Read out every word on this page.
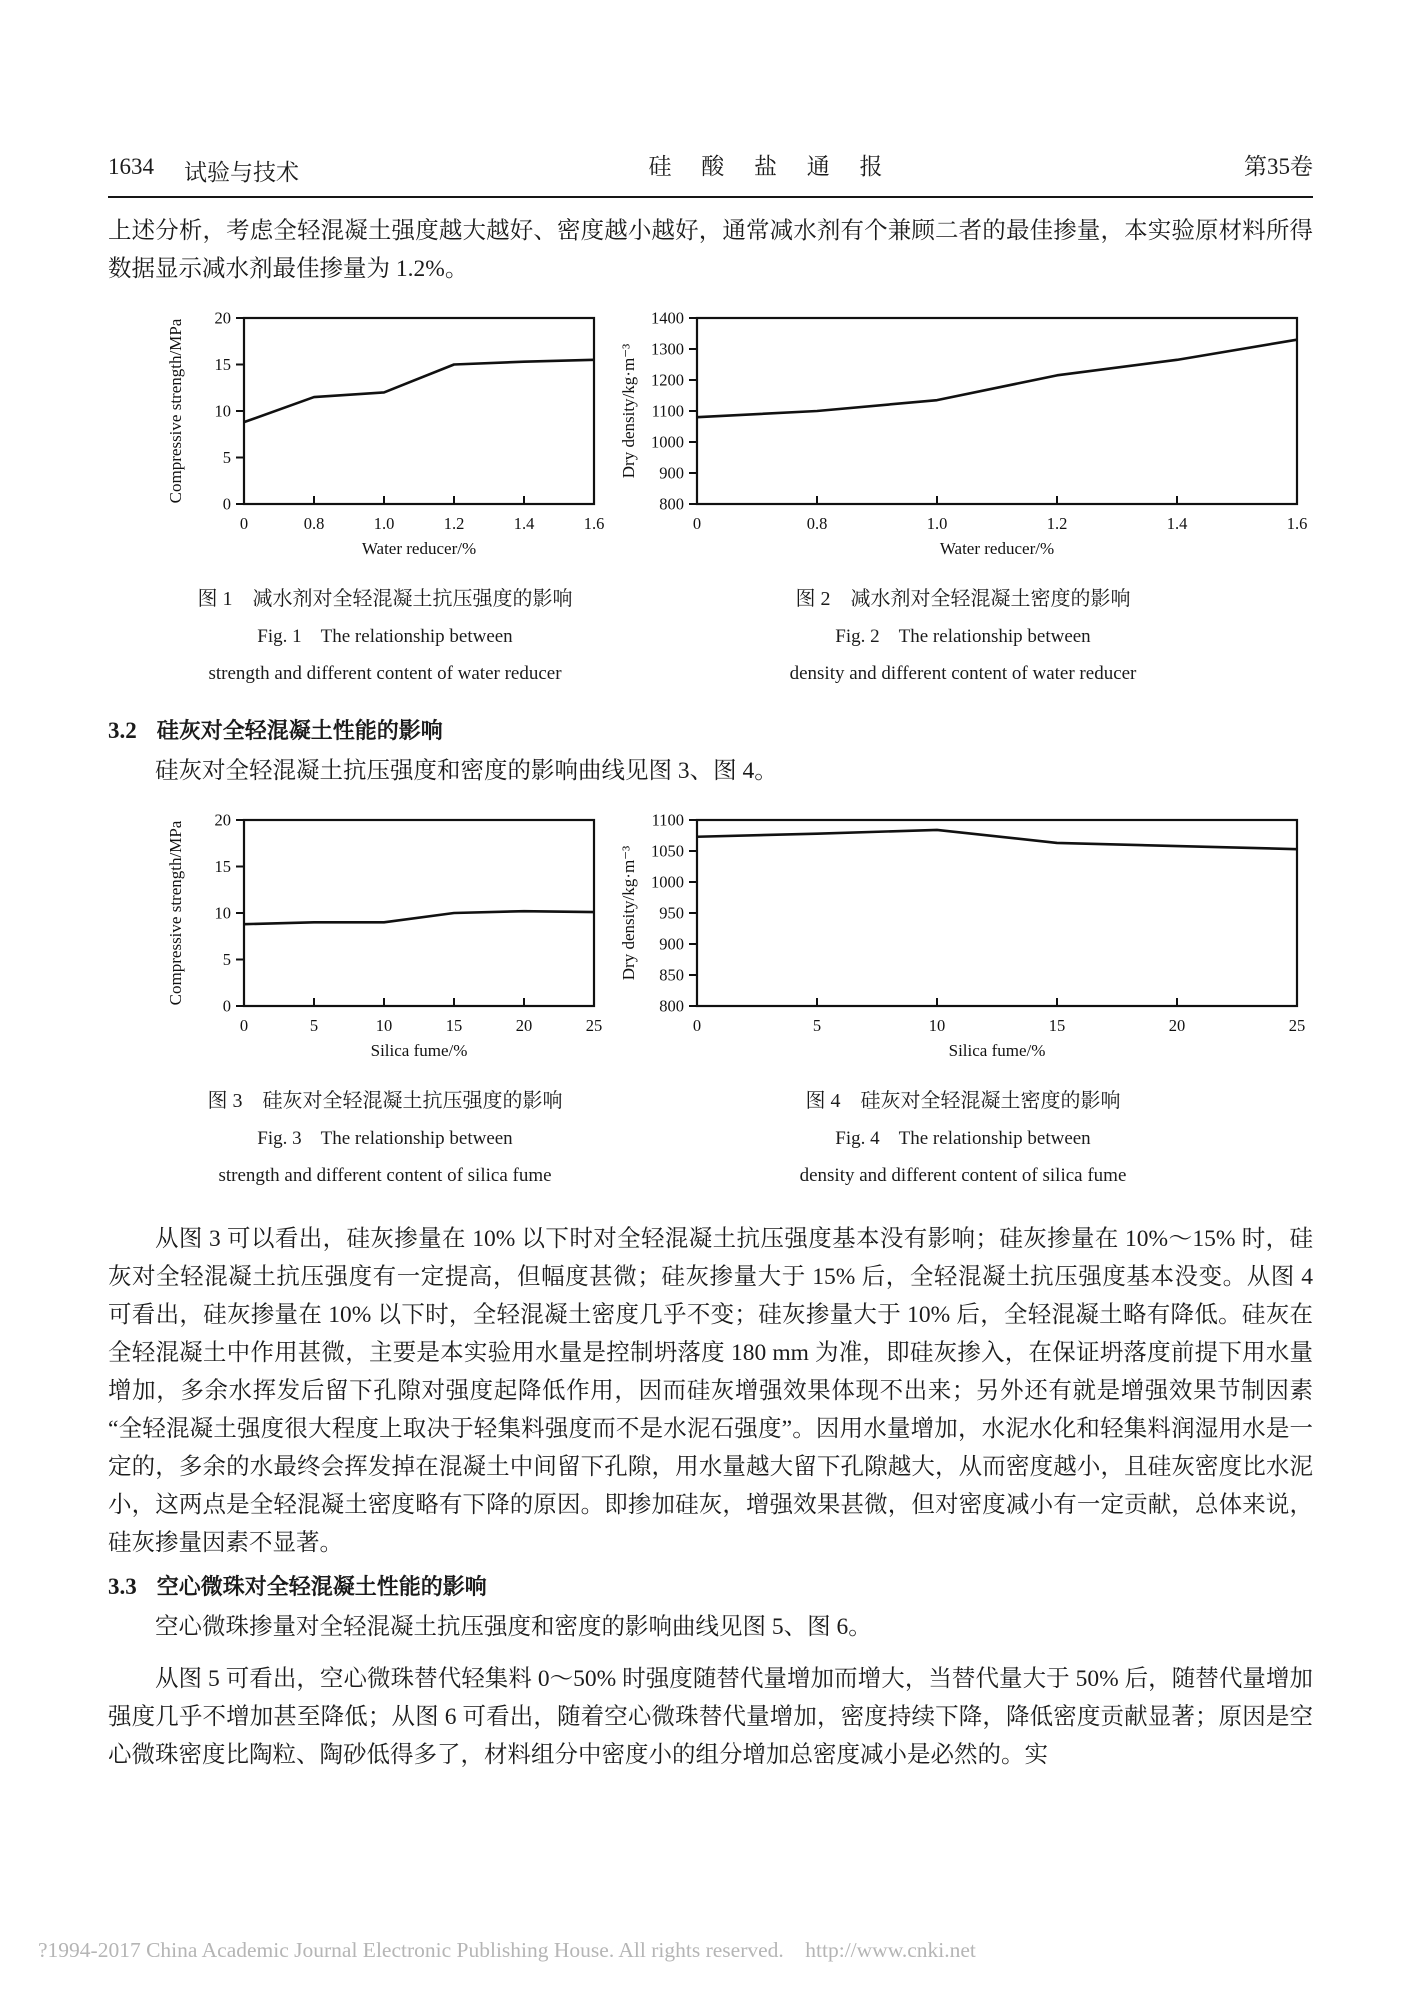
1634 试验与技术	硅 酸 盐 通 报	第35卷

上述分析，考虑全轻混凝土强度越大越好、密度越小越好，通常减水剂有个兼顾二者的最佳掺量，本实验原材料所得数据显示减水剂最佳掺量为 1.2%。

0
5
10
15
20
0	0.8	1.0	1.2	1.4	1.6
Water reducer/%
Compressive strength/MPa
图 1　减水剂对全轻混凝土抗压强度的影响
Fig. 1　The relationship between
strength and different content of water reducer
800
900
1000
1100
1200
1300
1400
0	0.8	1.0	1.2	1.4	1.6
Water reducer/%
Dry density/kg·m⁻³
图 2　减水剂对全轻混凝土密度的影响
Fig. 2　The relationship between
density and different content of water reducer
3.2 硅灰对全轻混凝土性能的影响

硅灰对全轻混凝土抗压强度和密度的影响曲线见图 3、图 4。

0
5
10
15
20
0	5	10	15	20	25
Silica fume/%
Compressive strength/MPa
图 3　硅灰对全轻混凝土抗压强度的影响
Fig. 3　The relationship between
strength and different content of silica fume
800
850
900
950
1000
1050
1100
0	5	10	15	20	25
Silica fume/%
Dry density/kg·m⁻³
图 4　硅灰对全轻混凝土密度的影响
Fig. 4　The relationship between
density and different content of silica fume

从图 3 可以看出，硅灰掺量在 10% 以下时对全轻混凝土抗压强度基本没有影响；硅灰掺量在 10%～15% 时，硅灰对全轻混凝土抗压强度有一定提高，但幅度甚微；硅灰掺量大于 15% 后，全轻混凝土抗压强度基本没变。从图 4 可看出，硅灰掺量在 10% 以下时，全轻混凝土密度几乎不变；硅灰掺量大于 10% 后，全轻混凝土略有降低。硅灰在全轻混凝土中作用甚微，主要是本实验用水量是控制坍落度 180 mm 为准，即硅灰掺入，在保证坍落度前提下用水量增加，多余水挥发后留下孔隙对强度起降低作用，因而硅灰增强效果体现不出来；另外还有就是增强效果节制因素“全轻混凝土强度很大程度上取决于轻集料强度而不是水泥石强度”。因用水量增加，水泥水化和轻集料润湿用水是一定的，多余的水最终会挥发掉在混凝土中间留下孔隙，用水量越大留下孔隙越大，从而密度越小，且硅灰密度比水泥小，这两点是全轻混凝土密度略有下降的原因。即掺加硅灰，增强效果甚微，但对密度减小有一定贡献，总体来说，硅灰掺量因素不显著。

3.3 空心微珠对全轻混凝土性能的影响

空心微珠掺量对全轻混凝土抗压强度和密度的影响曲线见图 5、图 6。

从图 5 可看出，空心微珠替代轻集料 0～50% 时强度随替代量增加而增大，当替代量大于 50% 后，随替代量增加强度几乎不增加甚至降低；从图 6 可看出，随着空心微珠替代量增加，密度持续下降，降低密度贡献显著；原因是空心微珠密度比陶粒、陶砂低得多了，材料组分中密度小的组分增加总密度减小是必然的。实

?1994-2017 China Academic Journal Electronic Publishing House. All rights reserved.    http://www.cnki.net
